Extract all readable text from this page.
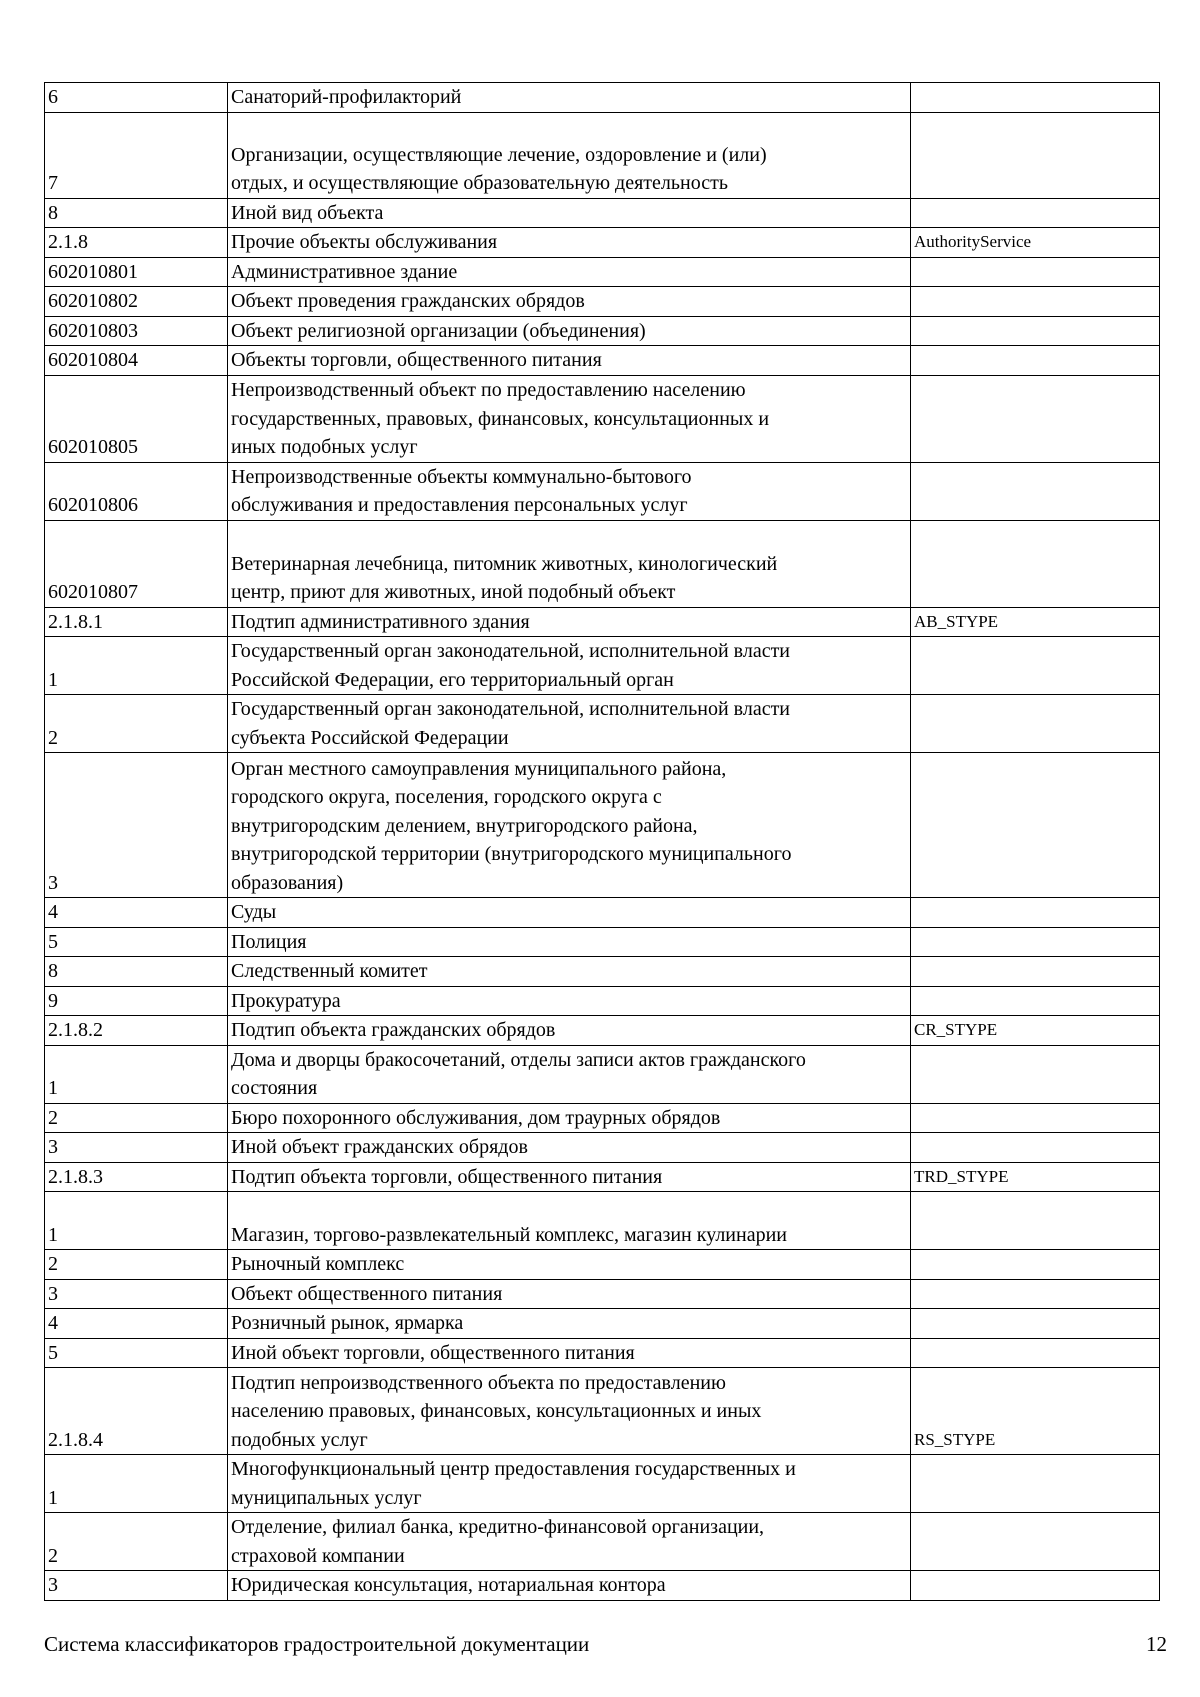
6	Санаторий-профилакторий	
7	Организации, осуществляющие лечение, оздоровление и (или)
отдых, и осуществляющие образовательную деятельность	
8	Иной вид объекта	
2.1.8	Прочие объекты обслуживания	AuthorityService
602010801	Административное здание	
602010802	Объект проведения гражданских обрядов	
602010803	Объект религиозной организации (объединения)	
602010804	Объекты торговли, общественного питания	
602010805	Непроизводственный объект по предоставлению населению
государственных, правовых, финансовых, консультационных и
иных подобных услуг	
602010806	Непроизводственные объекты коммунально-бытового
обслуживания и предоставления персональных услуг	
602010807	Ветеринарная лечебница, питомник животных, кинологический
центр, приют для животных, иной подобный объект	
2.1.8.1	Подтип административного здания	AB_STYPE
1	Государственный орган законодательной, исполнительной власти
Российской Федерации, его территориальный орган	
2	Государственный орган законодательной, исполнительной власти
субъекта Российской Федерации	
3	Орган местного самоуправления муниципального района,
городского округа, поселения, городского округа с
внутригородским делением, внутригородского района,
внутригородской территории (внутригородского муниципального
образования)	
4	Суды	
5	Полиция	
8	Следственный комитет	
9	Прокуратура	
2.1.8.2	Подтип объекта гражданских обрядов	CR_STYPE
1	Дома и дворцы бракосочетаний, отделы записи актов гражданского
состояния	
2	Бюро похоронного обслуживания, дом траурных обрядов	
3	Иной объект гражданских обрядов	
2.1.8.3	Подтип объекта торговли, общественного питания	TRD_STYPE
1	Магазин, торгово-развлекательный комплекс, магазин кулинарии	
2	Рыночный комплекс	
3	Объект общественного питания	
4	Розничный рынок, ярмарка	
5	Иной объект торговли, общественного питания	
2.1.8.4	Подтип непроизводственного объекта по предоставлению
населению правовых, финансовых, консультационных и иных
подобных услуг	RS_STYPE
1	Многофункциональный центр предоставления государственных и
муниципальных услуг	
2	Отделение, филиал банка, кредитно-финансовой организации,
страховой компании	
3	Юридическая консультация, нотариальная контора	
Система классификаторов градостроительной документации	12
